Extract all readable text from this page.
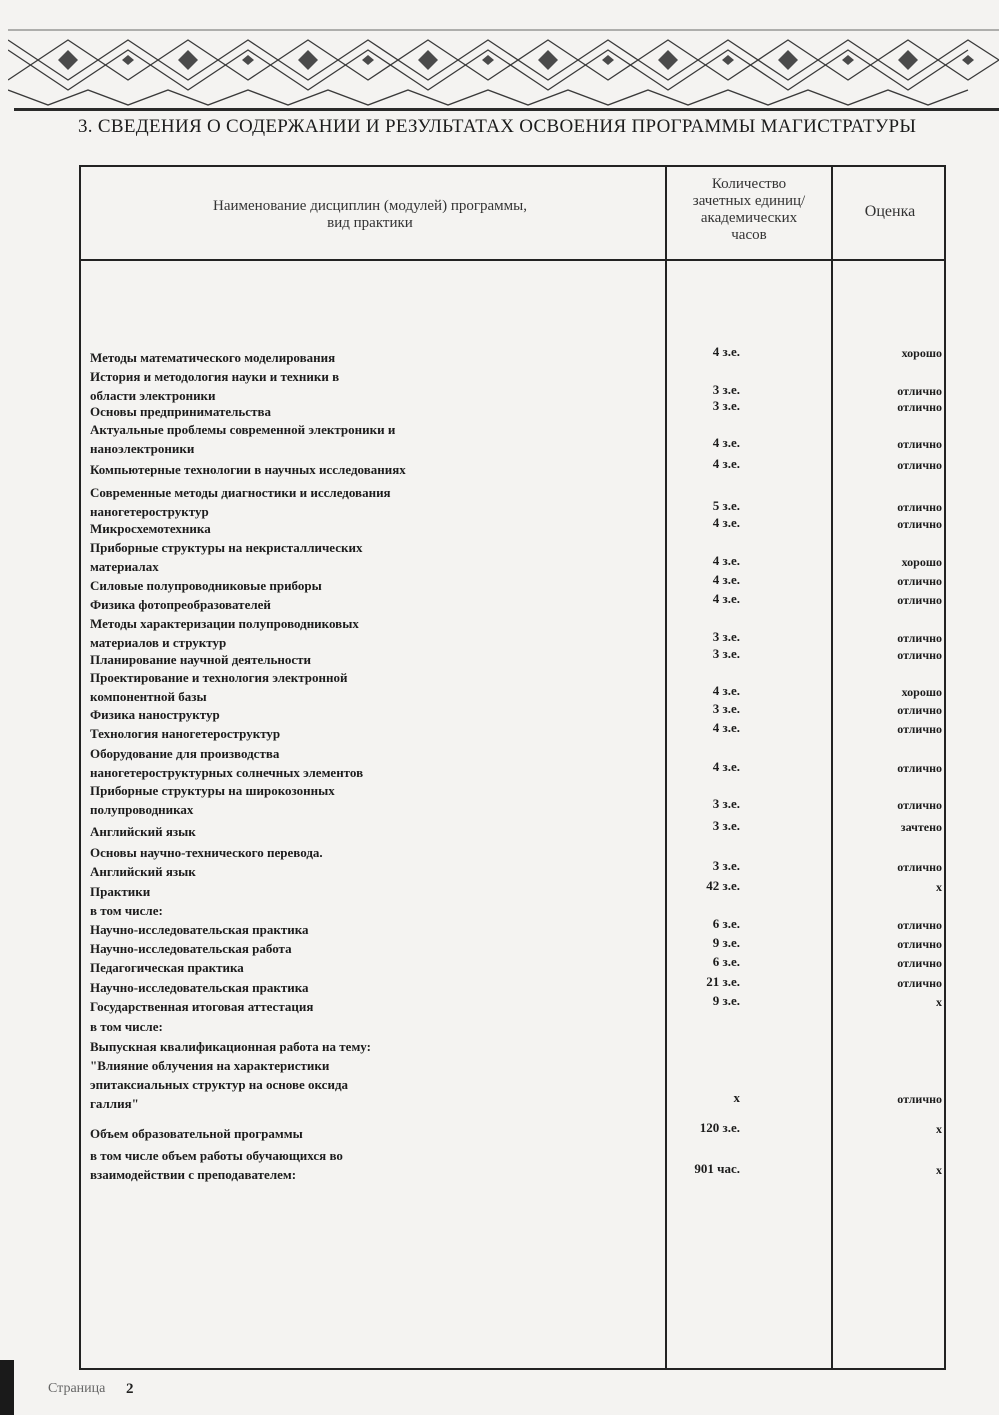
3. СВЕДЕНИЯ О СОДЕРЖАНИИ И РЕЗУЛЬТАТАХ ОСВОЕНИЯ ПРОГРАММЫ МАГИСТРАТУРЫ
Наименование дисциплин (модулей) программы,
вид практики
Количество
зачетных единиц/
академических
часов
Оценка
Методы математического моделирования	4 з.е.	хорошо
История и методология науки и техники в
области электроники	3 з.е.	отлично
Основы предпринимательства	3 з.е.	отлично
Актуальные проблемы современной электроники и
наноэлектроники	4 з.е.	отлично
Компьютерные технологии в научных исследованиях	4 з.е.	отлично
Современные методы диагностики и исследования
наногетероструктур	5 з.е.	отлично
Микросхемотехника	4 з.е.	отлично
Приборные структуры на некристаллических
материалах	4 з.е.	хорошо
Силовые полупроводниковые приборы	4 з.е.	отлично
Физика фотопреобразователей	4 з.е.	отлично
Методы характеризации полупроводниковых
материалов и структур	3 з.е.	отлично
Планирование научной деятельности	3 з.е.	отлично
Проектирование и технология электронной
компонентной базы	4 з.е.	хорошо
Физика наноструктур	3 з.е.	отлично
Технология наногетероструктур	4 з.е.	отлично
Оборудование для производства
наногетероструктурных солнечных элементов	4 з.е.	отлично
Приборные структуры на широкозонных
полупроводниках	3 з.е.	отлично
Английский язык	3 з.е.	зачтено
Основы научно-технического перевода.
Английский язык	3 з.е.	отлично
Практики	42 з.е.	x
в том числе:
Научно-исследовательская практика	6 з.е.	отлично
Научно-исследовательская работа	9 з.е.	отлично
Педагогическая практика	6 з.е.	отлично
Научно-исследовательская практика	21 з.е.	отлично
Государственная итоговая аттестация	9 з.е.	x
в том числе:
Выпускная квалификационная работа на тему:
"Влияние облучения на характеристики
эпитаксиальных структур на основе оксида
галлия"	x	отлично
Объем образовательной программы	120 з.е.	x
в том числе объем работы обучающихся во
взаимодействии с преподавателем:	901 час.	x
Страница 2
